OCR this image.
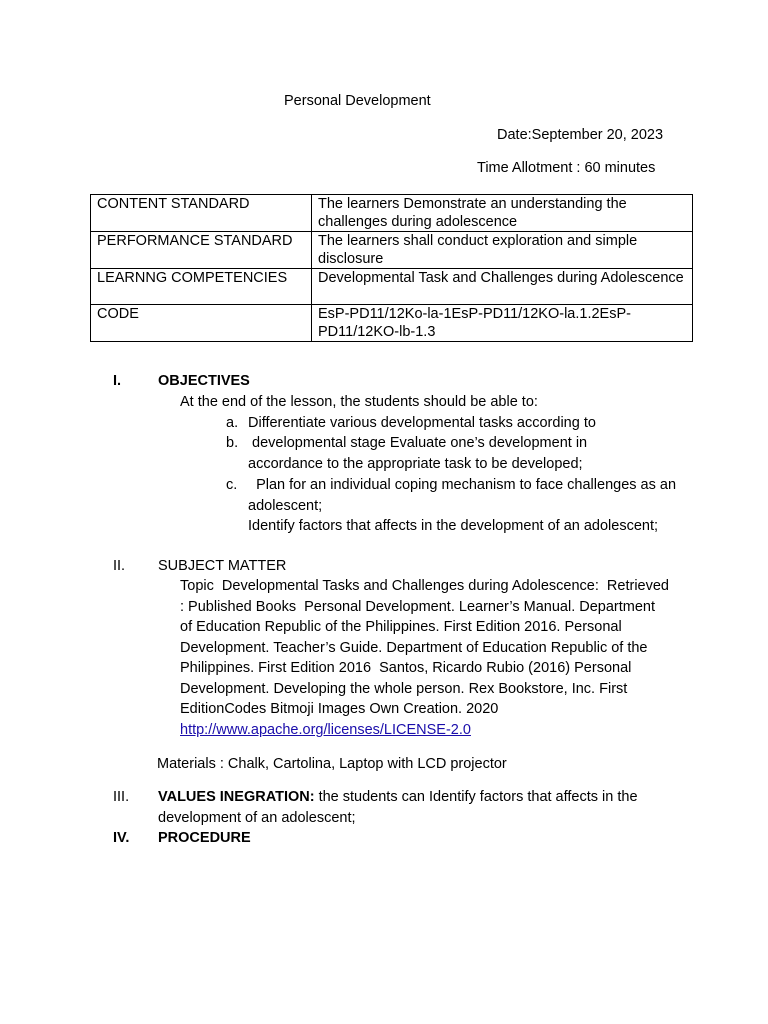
Personal Development
Date:September 20, 2023
Time Allotment : 60 minutes
CONTENT STANDARD	The learners Demonstrate an understanding the challenges during adolescence
PERFORMANCE STANDARD	The learners shall conduct exploration and simple disclosure
LEARNNG COMPETENCIES	Developmental Task and Challenges during Adolescence
CODE	EsP-PD11/12Ko-la-1EsP-PD11/12KO-la.1.2EsP-PD11/12KO-lb-1.3
I.	OBJECTIVES
At the end of the lesson, the students should be able to:
a. Differentiate various developmental tasks according to
b. developmental stage Evaluate one’s development in accordance to the appropriate task to be developed;
c. Plan for an individual coping mechanism to face challenges as an adolescent;
Identify factors that affects in the development of an adolescent;
II. SUBJECT MATTER
Topic  Developmental Tasks and Challenges during Adolescence:  Retrieved : Published Books  Personal Development. Learner’s Manual. Department of Education Republic of the Philippines. First Edition 2016. Personal Development. Teacher’s Guide. Department of Education Republic of the Philippines. First Edition 2016  Santos, Ricardo Rubio (2016) Personal Development. Developing the whole person. Rex Bookstore, Inc. First EditionCodes Bitmoji Images Own Creation. 2020
http://www.apache.org/licenses/LICENSE-2.0
Materials : Chalk, Cartolina, Laptop with LCD projector
III. VALUES INEGRATION: the students can Identify factors that affects in the development of an adolescent;
IV. PROCEDURE
